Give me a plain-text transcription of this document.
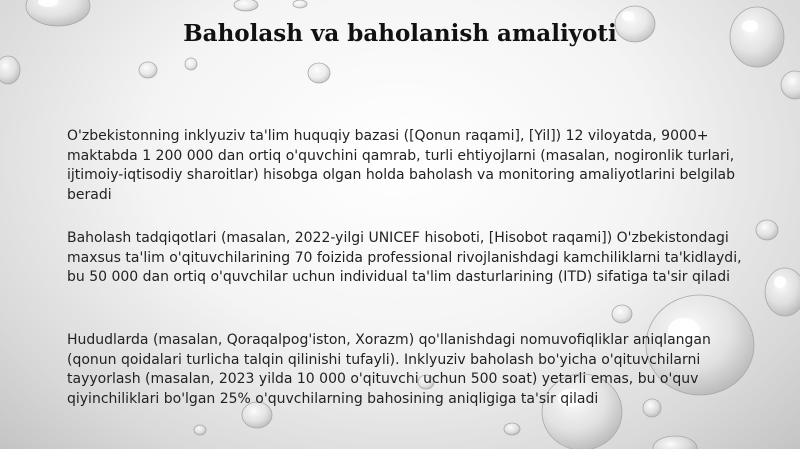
Baholash va baholanish amaliyoti

O'zbekistonning inklyuziv ta'lim huquqiy bazasi ([Qonun raqami], [Yil]) 12 viloyatda, 9000+ maktabda 1 200 000 dan ortiq o'quvchini qamrab, turli ehtiyojlarni (masalan, nogironlik turlari, ijtimoiy-iqtisodiy sharoitlar) hisobga olgan holda baholash va monitoring amaliyotlarini belgilab beradi

Baholash tadqiqotlari (masalan, 2022-yilgi UNICEF hisoboti, [Hisobot raqami]) O'zbekistondagi maxsus ta'lim o'qituvchilarining 70 foizida professional rivojlanishdagi kamchiliklarni ta'kidlaydi, bu 50 000 dan ortiq o'quvchilar uchun individual ta'lim dasturlarining (ITD) sifatiga ta'sir qiladi

Hududlarda (masalan, Qoraqalpog'iston, Xorazm) qo'llanishdagi nomuvofiqliklar aniqlangan (qonun qoidalari turlicha talqin qilinishi tufayli). Inklyuziv baholash bo'yicha o'qituvchilarni tayyorlash (masalan, 2023 yilda 10 000 o'qituvchi uchun 500 soat) yetarli emas, bu o'quv qiyinchiliklari bo'lgan 25% o'quvchilarning bahosining aniqligiga ta'sir qiladi
